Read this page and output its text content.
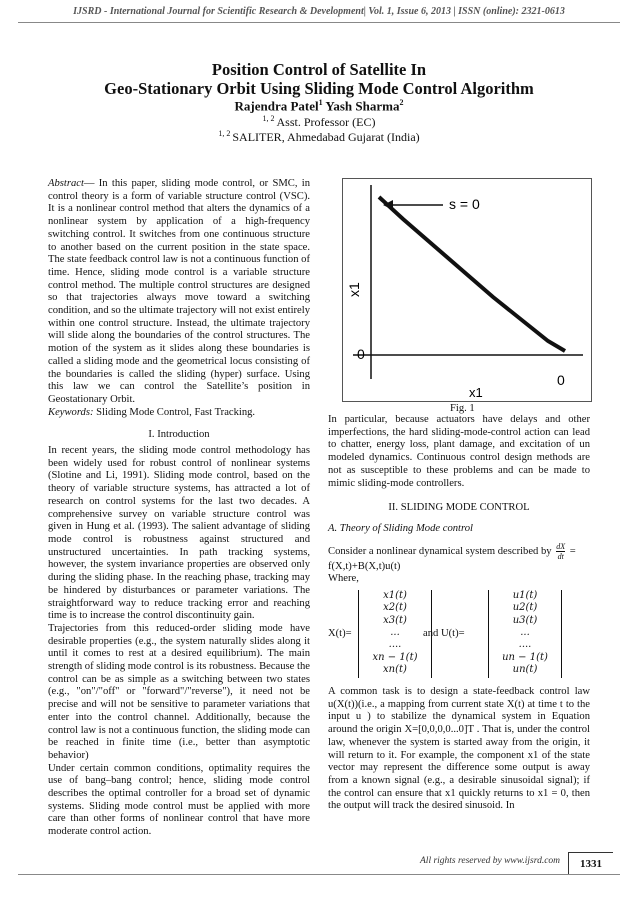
IJSRD - International Journal for Scientific Research & Development| Vol. 1, Issue 6, 2013 | ISSN (online): 2321-0613
Position Control of Satellite In
Geo-Stationary Orbit Using Sliding Mode Control Algorithm
Rajendra Patel$^1$ Yash Sharma$^2$
$^{1, 2}$ Asst. Professor (EC)
$^{1, 2}$ SALITER, Ahmedabad Gujarat (India)

Abstract— In this paper, sliding mode control, or SMC, in control theory is a form of variable structure control (VSC). It is a nonlinear control method that alters the dynamics of a nonlinear system by application of a high-frequency switching control. It switches from one continuous structure to another based on the current position in the state space. The state feedback control law is not a continuous function of time. Hence, sliding mode control is a variable structure control method. The multiple control structures are designed so that trajectories always move toward a switching condition, and so the ultimate trajectory will not exist entirely within one control structure. Instead, the ultimate trajectory will slide along the boundaries of the control structures. The motion of the system as it slides along these boundaries is called a sliding mode and the geometrical locus consisting of the boundaries is called the sliding (hyper) surface. Using this law we can control the Satellite’s position in Geostationary Orbit.

Keywords: Sliding Mode Control, Fast Tracking.

I. Introduction

In recent years, the sliding mode control methodology has been widely used for robust control of nonlinear systems (Slotine and Li, 1991). Sliding mode control, based on the theory of variable structure systems, has attracted a lot of research on control systems for the last two decades. A comprehensive survey on variable structure control was given in Hung et al. (1993). The salient advantage of sliding mode control is robustness against structured and unstructured uncertainties. In path tracking systems, however, the system invariance properties are observed only during the sliding phase. In the reaching phase, tracking may be hindered by disturbances or parameter variations. The straightforward way to reduce tracking error and reaching time is to increase the control discontinuity gain.

Trajectories from this reduced-order sliding mode have desirable properties (e.g., the system naturally slides along it until it comes to rest at a desired equilibrium). The main strength of sliding mode control is its robustness. Because the control can be as simple as a switching between two states (e.g., "on"/"off" or "forward"/"reverse"), it need not be precise and will not be sensitive to parameter variations that enter into the control channel. Additionally, because the control law is not a continuous function, the sliding mode can be reached in finite time (i.e., better than asymptotic behavior)

Under certain common conditions, optimality requires the use of bang–bang control; hence, sliding mode control describes the optimal controller for a broad set of dynamic systems. Sliding mode control must be applied with more care than other forms of nonlinear control that have more moderate control action.

s = 0
x1
0
0
x1
Fig. 1

In particular, because actuators have delays and other imperfections, the hard sliding-mode-control action can lead to chatter, energy loss, plant damage, and excitation of un modeled dynamics. Continuous control design methods are not as susceptible to these problems and can be made to mimic sliding-mode controllers.

II. SLIDING MODE CONTROL

A. Theory of Sliding Mode control

Consider a nonlinear dynamical system described by $\frac{dX}{dt}$ =

f(X,t)+B(X,t)u(t)

Where,

X(t)=
x1(t)
x2(t)
x3(t)
...
....
xn − 1(t)
xn(t)
and U(t)=
u1(t)
u2(t)
u3(t)
...
....
un − 1(t)
un(t)

A common task is to design a state-feedback control law u(X(t))(i.e., a mapping from current state X(t) at time t to the input u ) to stabilize the dynamical system in Equation around the origin X=[0,0,0,0...0]T . That is, under the control law, whenever the system is started away from the origin, it will return to it. For example, the component x1 of the state vector may represent the difference some output is away from a known signal (e.g., a desirable sinusoidal signal); if the control can ensure that x1 quickly returns to x1 = 0, then the output will track the desired sinusoid. In

All rights reserved by www.ijsrd.com	1331
